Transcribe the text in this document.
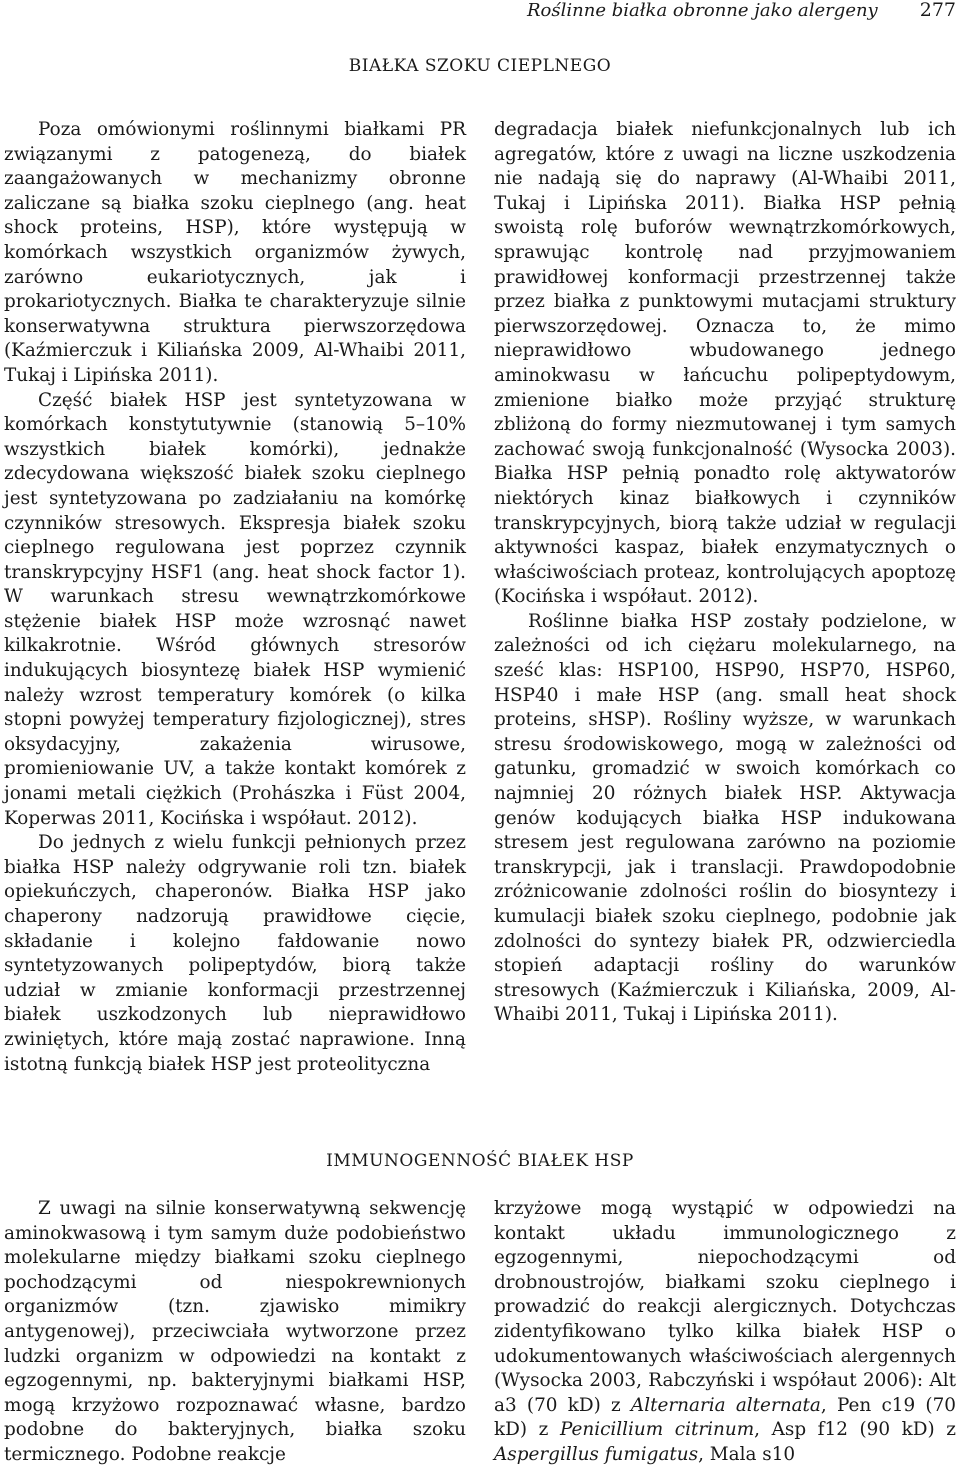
Roślinne białka obronne jako alergeny 277
BIAŁKA SZOKU CIEPLNEGO

Poza omówionymi roślinnymi białkami PR związanymi z patogenezą, do białek zaangażowanych w mechanizmy obronne zaliczane są białka szoku cieplnego (ang. heat shock proteins, HSP), które występują w komórkach wszystkich organizmów żywych, zarówno eukariotycznych, jak i prokariotycznych. Białka te charakteryzuje silnie konserwatywna struktura pierwszorzędowa (Kaźmierczuk i Kiliańska 2009, Al-Whaibi 2011, Tukaj i Lipińska 2011).

Część białek HSP jest syntetyzowana w komórkach konstytutywnie (stanowią 5–10% wszystkich białek komórki), jednakże zdecydowana większość białek szoku cieplnego jest syntetyzowana po zadziałaniu na komórkę czynników stresowych. Ekspresja białek szoku cieplnego regulowana jest poprzez czynnik transkrypcyjny HSF1 (ang. heat shock factor 1). W warunkach stresu wewnątrzkomórkowe stężenie białek HSP może wzrosnąć nawet kilkakrotnie. Wśród głównych stresorów indukujących biosyntezę białek HSP wymienić należy wzrost temperatury komórek (o kilka stopni powyżej temperatury fizjologicznej), stres oksydacyjny, zakażenia wirusowe, promieniowanie UV, a także kontakt komórek z jonami metali ciężkich (Prohászka i Füst 2004, Koperwas 2011, Kocińska i współaut. 2012).

Do jednych z wielu funkcji pełnionych przez białka HSP należy odgrywanie roli tzn. białek opiekuńczych, chaperonów. Białka HSP jako chaperony nadzorują prawidłowe cięcie, składanie i kolejno fałdowanie nowo syntetyzowanych polipeptydów, biorą także udział w zmianie konformacji przestrzennej białek uszkodzonych lub nieprawidłowo zwiniętych, które mają zostać naprawione. Inną istotną funkcją białek HSP jest proteolityczna

degradacja białek niefunkcjonalnych lub ich agregatów, które z uwagi na liczne uszkodzenia nie nadają się do naprawy (Al-Whaibi 2011, Tukaj i Lipińska 2011). Białka HSP pełnią swoistą rolę buforów wewnątrzkomórkowych, sprawując kontrolę nad przyjmowaniem prawidłowej konformacji przestrzennej także przez białka z punktowymi mutacjami struktury pierwszorzędowej. Oznacza to, że mimo nieprawidłowo wbudowanego jednego aminokwasu w łańcuchu polipeptydowym, zmienione białko może przyjąć strukturę zbliżoną do formy niezmutowanej i tym samych zachować swoją funkcjonalność (Wysocka 2003). Białka HSP pełnią ponadto rolę aktywatorów niektórych kinaz białkowych i czynników transkrypcyjnych, biorą także udział w regulacji aktywności kaspaz, białek enzymatycznych o właściwościach proteaz, kontrolujących apoptozę (Kocińska i współaut. 2012).

Roślinne białka HSP zostały podzielone, w zależności od ich ciężaru molekularnego, na sześć klas: HSP100, HSP90, HSP70, HSP60, HSP40 i małe HSP (ang. small heat shock proteins, sHSP). Rośliny wyższe, w warunkach stresu środowiskowego, mogą w zależności od gatunku, gromadzić w swoich komórkach co najmniej 20 różnych białek HSP. Aktywacja genów kodujących białka HSP indukowana stresem jest regulowana zarówno na poziomie transkrypcji, jak i translacji. Prawdopodobnie zróżnicowanie zdolności roślin do biosyntezy i kumulacji białek szoku cieplnego, podobnie jak zdolności do syntezy białek PR, odzwierciedla stopień adaptacji rośliny do warunków stresowych (Kaźmierczuk i Kiliańska, 2009, Al-Whaibi 2011, Tukaj i Lipińska 2011).

IMMUNOGENNOŚĆ BIAŁEK HSP

Z uwagi na silnie konserwatywną sekwencję aminokwasową i tym samym duże podobieństwo molekularne między białkami szoku cieplnego pochodzącymi od niespokrewnionych organizmów (tzn. zjawisko mimikry antygenowej), przeciwciała wytworzone przez ludzki organizm w odpowiedzi na kontakt z egzogennymi, np. bakteryjnymi białkami HSP, mogą krzyżowo rozpoznawać własne, bardzo podobne do bakteryjnych, białka szoku termicznego. Podobne reakcje

krzyżowe mogą wystąpić w odpowiedzi na kontakt układu immunologicznego z egzogennymi, niepochodzącymi od drobnoustrojów, białkami szoku cieplnego i prowadzić do reakcji alergicznych. Dotychczas zidentyfikowano tylko kilka białek HSP o udokumentowanych właściwościach alergennych (Wysocka 2003, Rabczyński i współaut 2006): Alt a3 (70 kD) z Alternaria alternata, Pen c19 (70 kD) z Penicillium citrinum, Asp f12 (90 kD) z Aspergillus fumigatus, Mala s10
